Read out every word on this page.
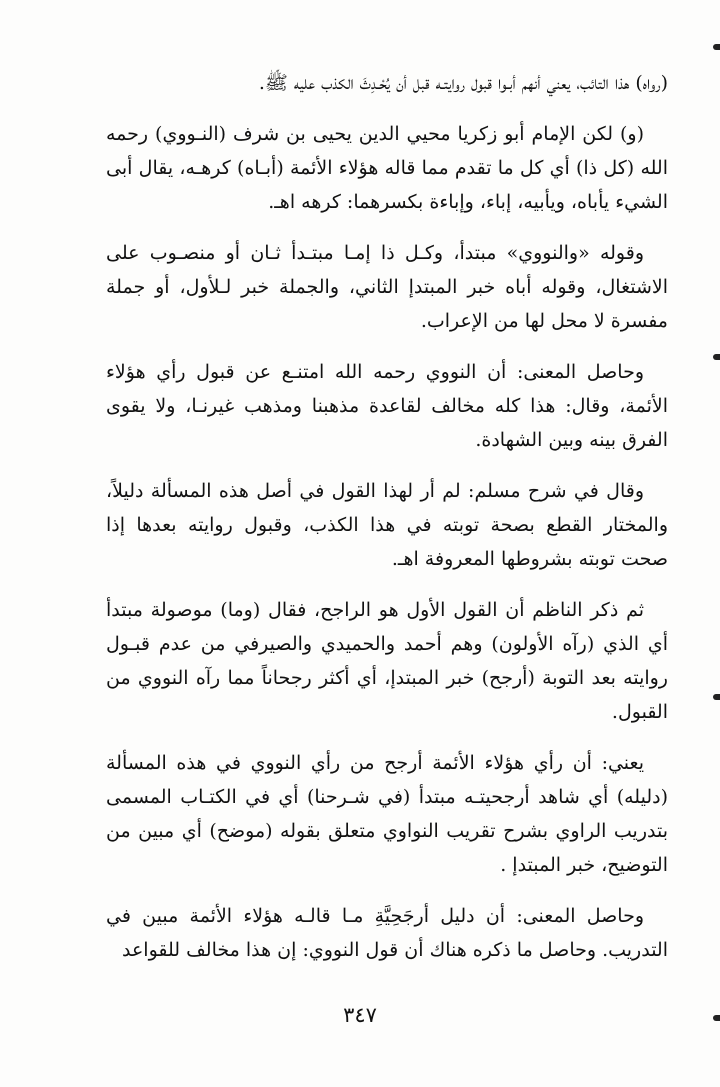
(رواه) هذا التائب، يعني أنهم أبـوا قبول روايتـه قبل أن يُحْـدِثَ الكذب عليه ﷺ.

(و) لكن الإمام أبو زكريا محيي الدين يحيى بن شرف (النـووي) رحمه الله (كل ذا) أي كل ما تقدم مما قاله هؤلاء الأئمة (أبـاه) كرهـه، يقال أبى الشيء يأباه، ويأبيه، إباء، وإباءة بكسرهما: كرهه اهـ.

وقوله «والنووي» مبتدأ، وكـل ذا إمـا مبتـدأ ثـان أو منصـوب على الاشتغال، وقوله أباه خبر المبتدإ الثاني، والجملة خبر لـلأول، أو جملة مفسرة لا محل لها من الإعراب.

وحاصل المعنى: أن النووي رحمه الله امتنـع عن قبول رأي هؤلاء الأئمة، وقال: هذا كله مخالف لقاعدة مذهبنا ومذهب غيرنـا، ولا يقوى الفرق بينه وبين الشهادة.

وقال في شرح مسلم: لم أر لهذا القول في أصل هذه المسألة دليلاً، والمختار القطع بصحة توبته في هذا الكذب، وقبول روايته بعدها إذا صحت توبته بشروطها المعروفة اهـ.

ثم ذكر الناظم أن القول الأول هو الراجح، فقال (وما) موصولة مبتدأ أي الذي (رآه الأولون) وهم أحمد والحميدي والصيرفي من عدم قبـول روايته بعد التوبة (أرجح) خبر المبتدإ، أي أكثر رجحاناً مما رآه النووي من القبول.

يعني: أن رأي هؤلاء الأئمة أرجح من رأي النووي في هذه المسألة (دليله) أي شاهد أرجحيتـه مبتدأ (في شـرحنا) أي في الكتـاب المسمى بتدريب الراوي بشرح تقريب النواوي متعلق بقوله (موضح) أي مبين من التوضيح، خبر المبتدإ .

وحاصل المعنى: أن دليل أرجَحِيَّةِ مـا قالـه هؤلاء الأئمة مبين في التدريب. وحاصل ما ذكره هناك أن قول النووي: إن هذا مخالف للقواعد

٣٤٧
